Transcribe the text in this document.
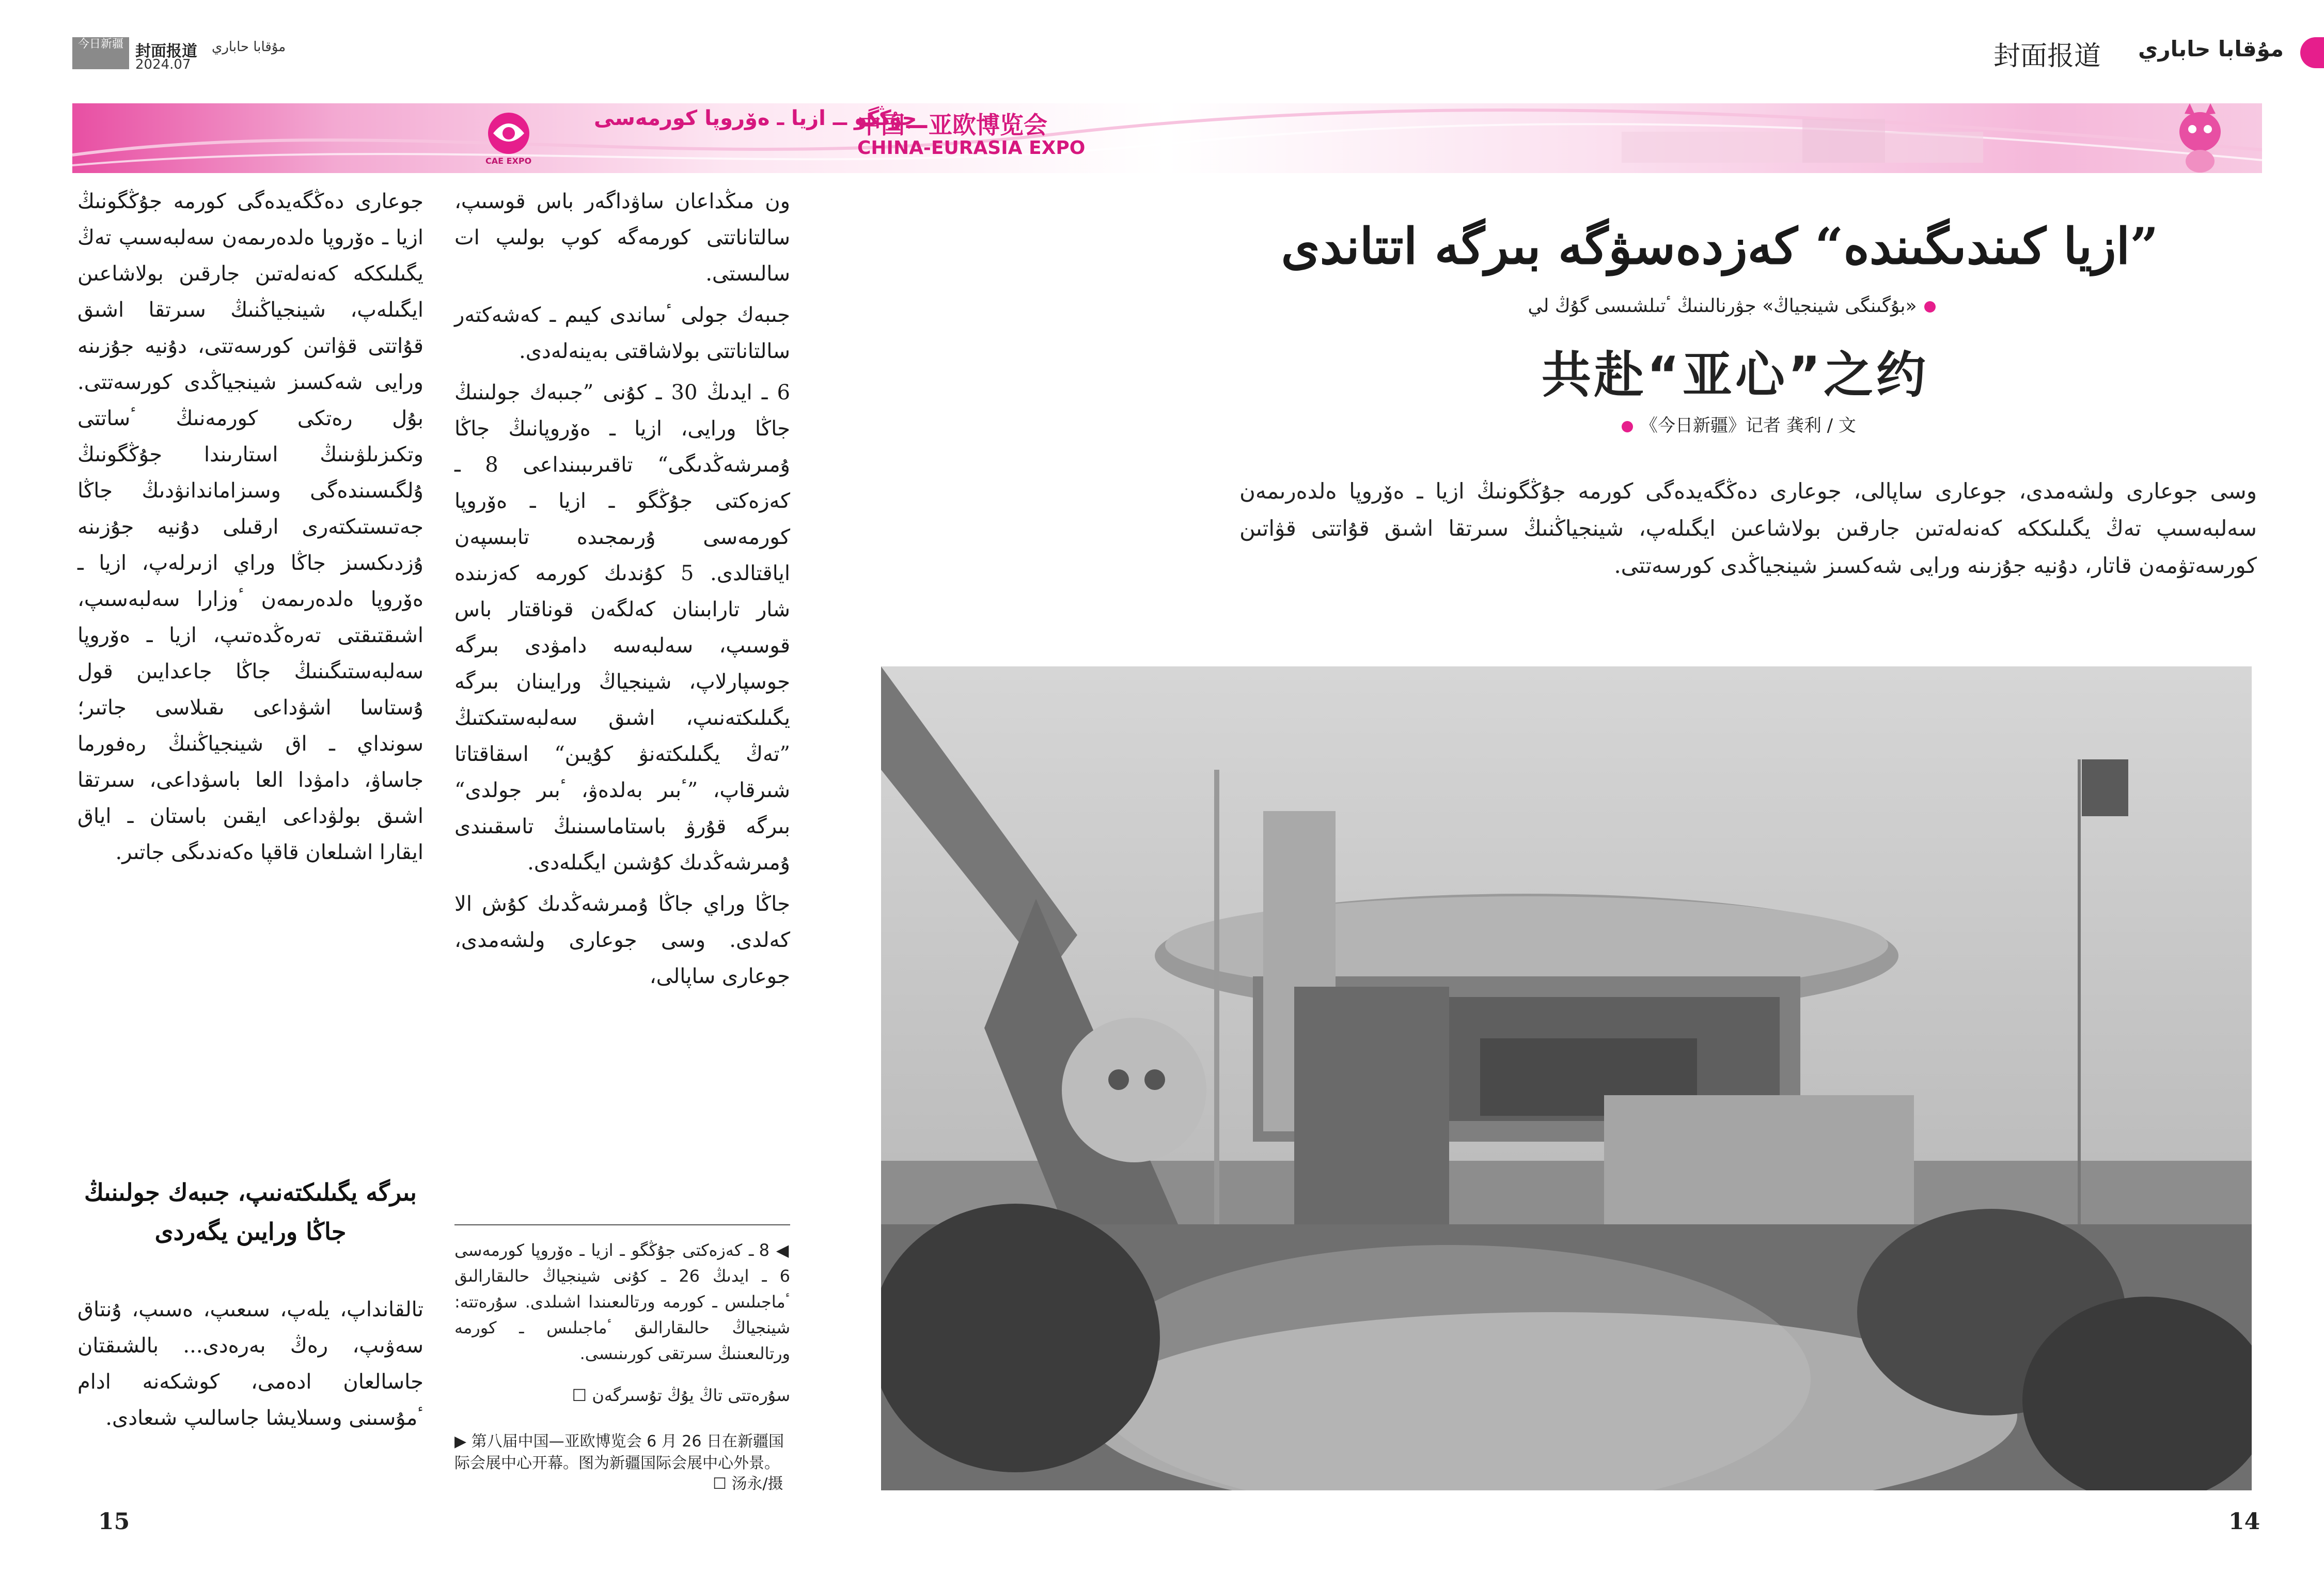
今日新疆 封面报道
2024.07
مۇقابا حاباري	封面报道 مۇقابا حاباري
CAE EXPO
جۇڭگو ــ ازيا ـ ەۆروپا كورمەسى
中国—亚欧博览会
CHINA-EURASIA EXPO
”ازيا كىندىگىندە“ كەزدەسۋگە بىرگە اتتاندى
«بۇگىنگى شينجياڭ» جۋرنالىنىڭ ٴتىلشىسى گۇڭ لي
共赴“亚心”之约
《今日新疆》记者 龚利 / 文
وسى جوعارى ولشەمدى، جوعارى ساپالى، جوعارى دەڭگەيدەگى كورمە جۇڭگونىڭ ازيا ـ ەۆروپا ەلدەرىمەن سەلبەسىپ تەڭ يگىلىككە كەنەلەتىن جارقىن بولاشاعىن ايگىلەپ، شينجياڭنىڭ سىرتقا اشىق قۇاتتى قۋاتىن كورسەتۋمەن قاتار، دۇنيە جۇزىنە ورايى شەكسىز شينجياڭدى كورسەتتى.

ون مىڭداعان ساۋداگەر باس قوسىپ، سالتاناتتى كورمەگە كوپ بولىپ ات سالىستى.

جىبەك جولى ٴساندى كيىم ـ كەشەكتەر سالتاناتتى بولاشاقتى بەينەلەدى.

6 ـ ايدىڭ 30 ـ كۇنى ”جىبەك جولىنىڭ جاڭا ورايى، ازيا ـ ەۆروپانىڭ جاڭا ۇمىرشەڭدىگى“ تاقىرىبىنداعى 8 ـ كەزەكتى جۇڭگو ـ ازيا ـ ەۆروپا كورمەسى ۇرىمجىدە تابىسپەن اياقتالدى. 5 كۇندىك كورمە كەزىندە شار تارابىنان كەلگەن قوناقتار باس قوسىپ، سەلبەسە دامۋدى بىرگە جوسپارلاپ، شينجياڭ ورايىنان بىرگە يگىلىكتەنىپ، اشىق سەلبەستىكتىڭ ”تەڭ يگىلىكتەنۋ كۇيىن“ اسقاقتاتا شىرقاپ، ”ٴبىر بەلدەۋ، ٴبىر جولدى“ بىرگە قۇرۋ باستاماسىنىڭ تاسقىندى ۇمىرشەڭدىك كۇشىن ايگىلەدى.

جاڭا وراي جاڭا ۇمىرشەڭدىك كۇش الا كەلدى. وسى جوعارى ولشەمدى، جوعارى ساپالى،

◀ 8 ـ كەزەكتى جۇڭگو ـ ازيا ـ ەۆروپا كورمەسى 6 ـ ايدىڭ 26 ـ كۇنى شينجياڭ حالىقارالىق ٴماجىلىس ـ كورمە ورتالىعىندا اشىلدى. سۇرەتتە: شينجياڭ حالىقارالىق ٴماجىلىس ـ كورمە ورتالىعىنىڭ سىرتقى كورىنىسى.
سۇرەتتى تاڭ يۇڭ تۇسىرگەن ☐
▶ 第八届中国—亚欧博览会 6 月 26 日在新疆国际会展中心开幕。图为新疆国际会展中心外景。
☐ 汤永/摄

جوعارى دەڭگەيدەگى كورمە جۇڭگونىڭ ازيا ـ ەۆروپا ەلدەرىمەن سەلبەسىپ تەڭ يگىلىككە كەنەلەتىن جارقىن بولاشاعىن ايگىلەپ، شينجياڭنىڭ سىرتقا اشىق قۇاتتى قۋاتىن كورسەتتى، دۇنيە جۇزىنە ورايى شەكسىز شينجياڭدى كورسەتتى. بۇل رەتكى كورمەنىڭ ٴساتتى وتكىزىلۋىنىڭ استارىندا جۇڭگونىڭ ۇلگىسىندەگى وسىزاماندانۋدىڭ جاڭا جەتىستىكتەرى ارقىلى دۇنيە جۇزىنە ۇزدىكسىز جاڭا وراي ازىرلەپ، ازيا ـ ەۆروپا ەلدەرىمەن ٴوزارا سەلبەسىپ، اشىقتىقتى تەرەڭدەتىپ، ازيا ـ ەۆروپا سەلبەستىگىنىڭ جاڭا جاعدايىن قول ۇستاسا اشۋداعى ىقىلاسى جاتىر؛ سونداي ـ اق شينجياڭنىڭ رەفورما جاساۋ، دامۋدا العا باسۋداعى، سىرتقا اشىق بولۋداعى ايقىن باستان ـ اياق ايقارا اشىلعان قاقپا ەكەندىگى جاتىر.

بىرگە يگىلىكتەنىپ، جىبەك جولىنىڭ جاڭا ورايىن يگەردى
تالقانداپ، يلەپ، سىعىپ، ەسىپ، ۇنتاق سەۋىپ، رەڭ بەرەدى... بالشىقتان جاسالعان ادەمى، كوشكەنە ادام ٴمۇسىنى وسىلايشا جاسالىپ شىعادى.
15	14
